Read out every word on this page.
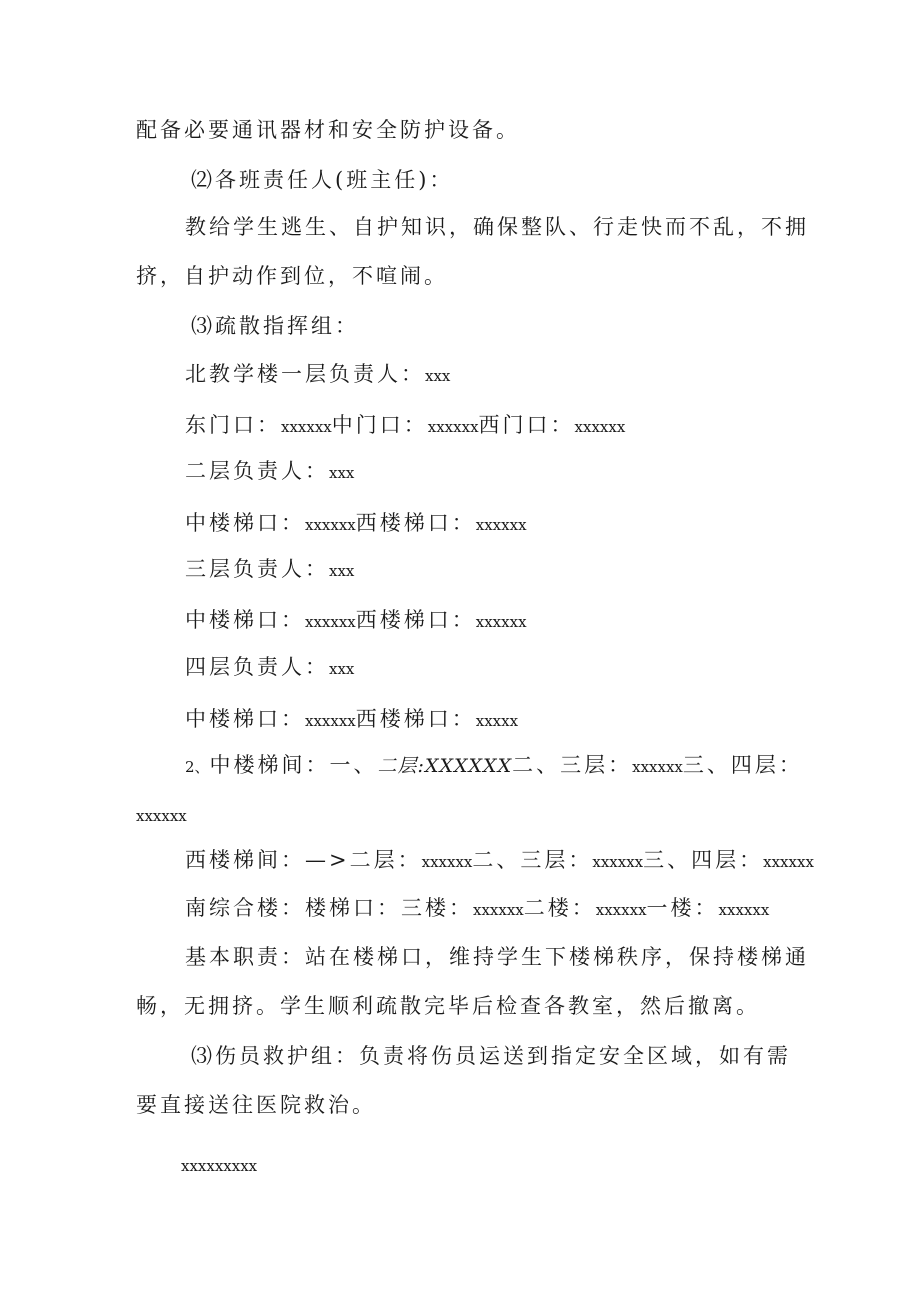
配备必要通讯器材和安全防护设备。
⑵各班责任人(班主任)：
教给学生逃生、自护知识，确保整队、行走快而不乱，不拥
挤，自护动作到位，不喧闹。
⑶疏散指挥组：
北教学楼一层负责人：xxx
东门口：xxxxxx中门口：xxxxxx西门口：xxxxxx
二层负责人：xxx
中楼梯口：xxxxxx西楼梯口：xxxxxx
三层负责人：xxx
中楼梯口：xxxxxx西楼梯口：xxxxxx
四层负责人：xxx
中楼梯口：xxxxxx西楼梯口：xxxxx
2、中楼梯间：一、二层:XXXXXX二、三层：xxxxxx三、四层：
xxxxxx
西楼梯间：—>二层：xxxxxx二、三层：xxxxxx三、四层：xxxxxx
南综合楼：楼梯口：三楼：xxxxxx二楼：xxxxxx一楼：xxxxxx
基本职责：站在楼梯口，维持学生下楼梯秩序，保持楼梯通
畅，无拥挤。学生顺利疏散完毕后检查各教室，然后撤离。
⑶伤员救护组：负责将伤员运送到指定安全区域，如有需
要直接送往医院救治。
xxxxxxxxx
